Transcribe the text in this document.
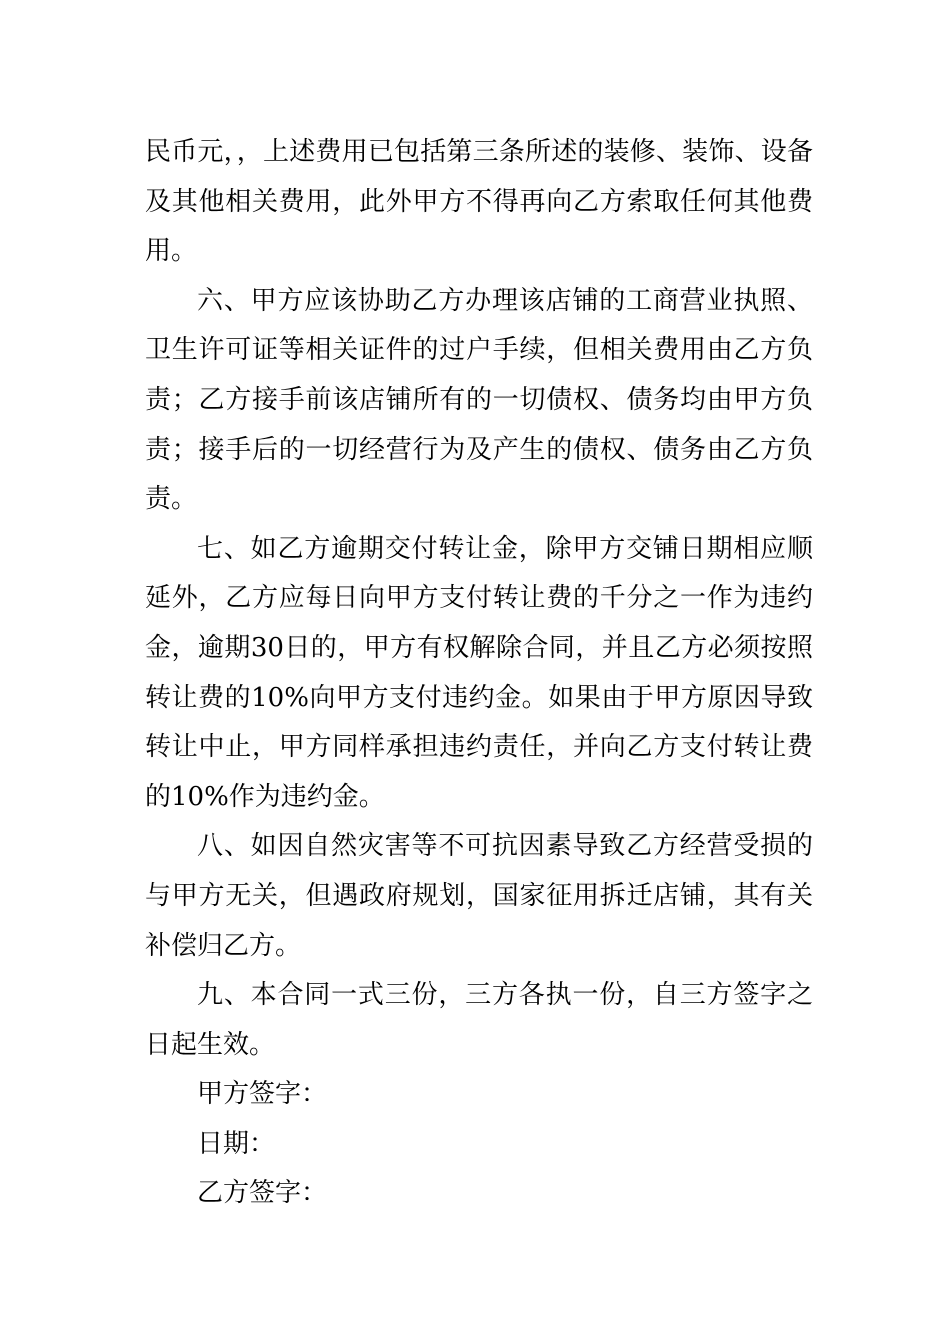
民币元，，上述费用已包括第三条所述的装修、装饰、设备及其他相关费用，此外甲方不得再向乙方索取任何其他费用。

六、甲方应该协助乙方办理该店铺的工商营业执照、卫生许可证等相关证件的过户手续，但相关费用由乙方负责；乙方接手前该店铺所有的一切债权、债务均由甲方负责；接手后的一切经营行为及产生的债权、债务由乙方负责。

七、如乙方逾期交付转让金，除甲方交铺日期相应顺延外，乙方应每日向甲方支付转让费的千分之一作为违约金，逾期30日的，甲方有权解除合同，并且乙方必须按照转让费的10%向甲方支付违约金。如果由于甲方原因导致转让中止，甲方同样承担违约责任，并向乙方支付转让费的10%作为违约金。

八、如因自然灾害等不可抗因素导致乙方经营受损的与甲方无关，但遇政府规划，国家征用拆迁店铺，其有关补偿归乙方。

九、本合同一式三份，三方各执一份，自三方签字之日起生效。

甲方签字：

日期：

乙方签字：
